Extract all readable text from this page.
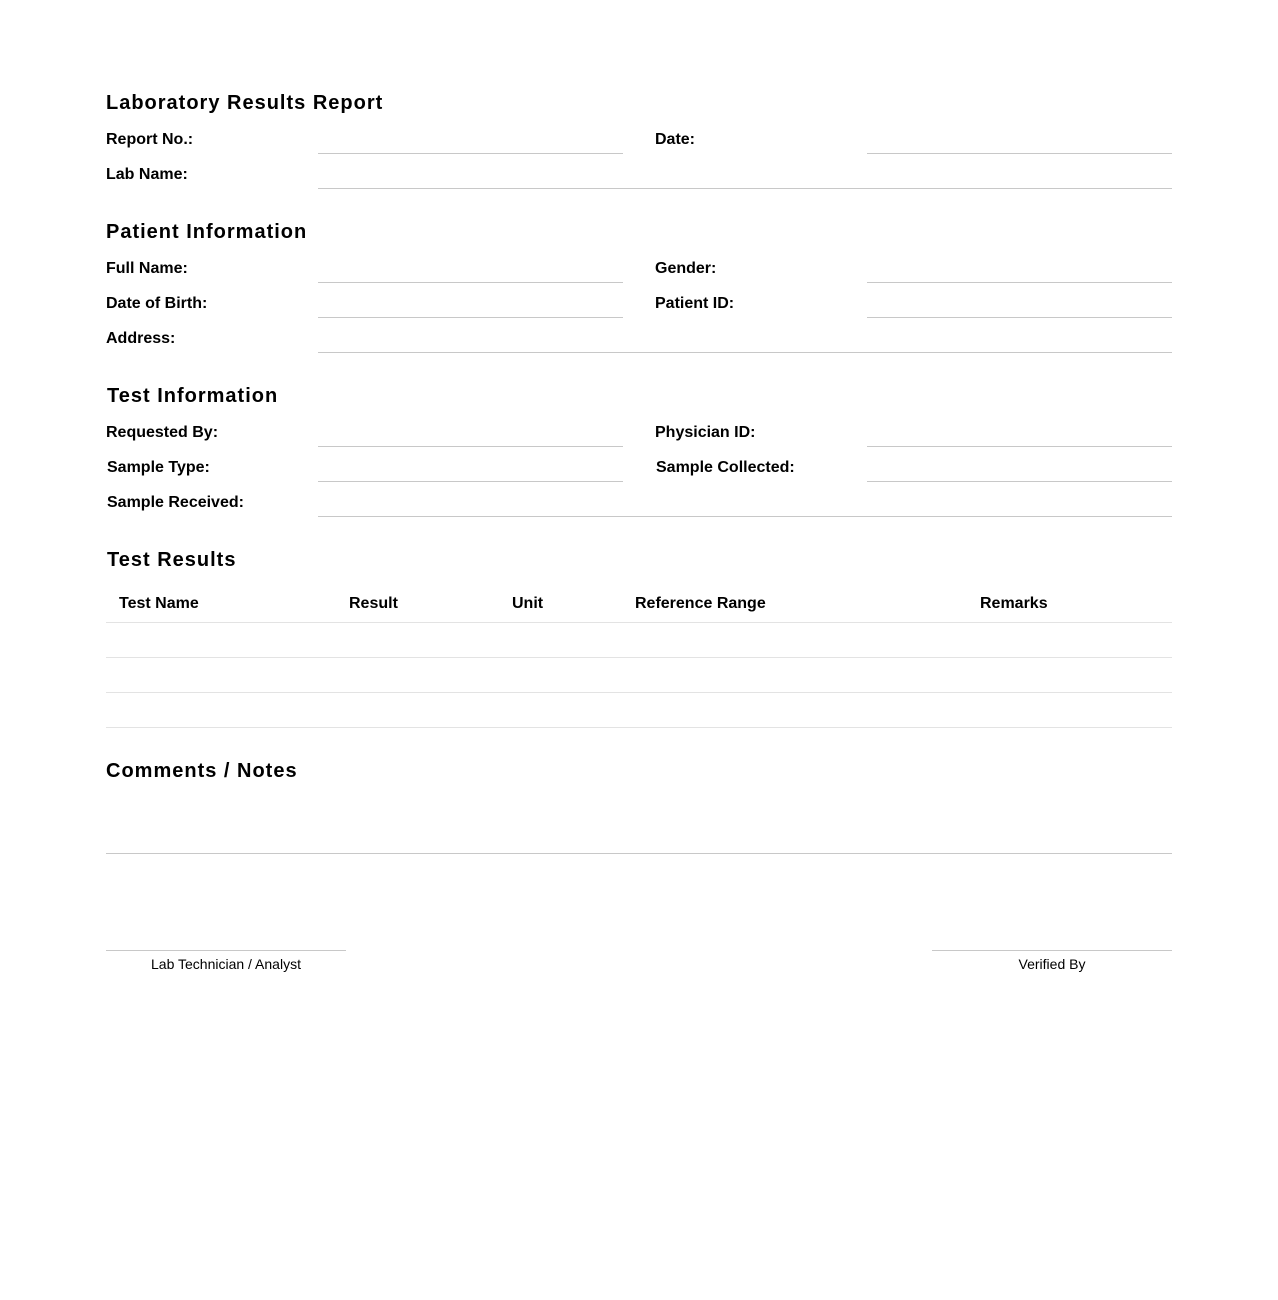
Laboratory Results Report
Report No.:	Date:
Lab Name:
Patient Information
Full Name:	Gender:
Date of Birth:	Patient ID:
Address:
Test Information
Requested By:	Physician ID:
Sample Type:	Sample Collected:
Sample Received:
Test Results
Test Name	Result	Unit	Reference Range	Remarks
Comments / Notes
Lab Technician / Analyst	Verified By
